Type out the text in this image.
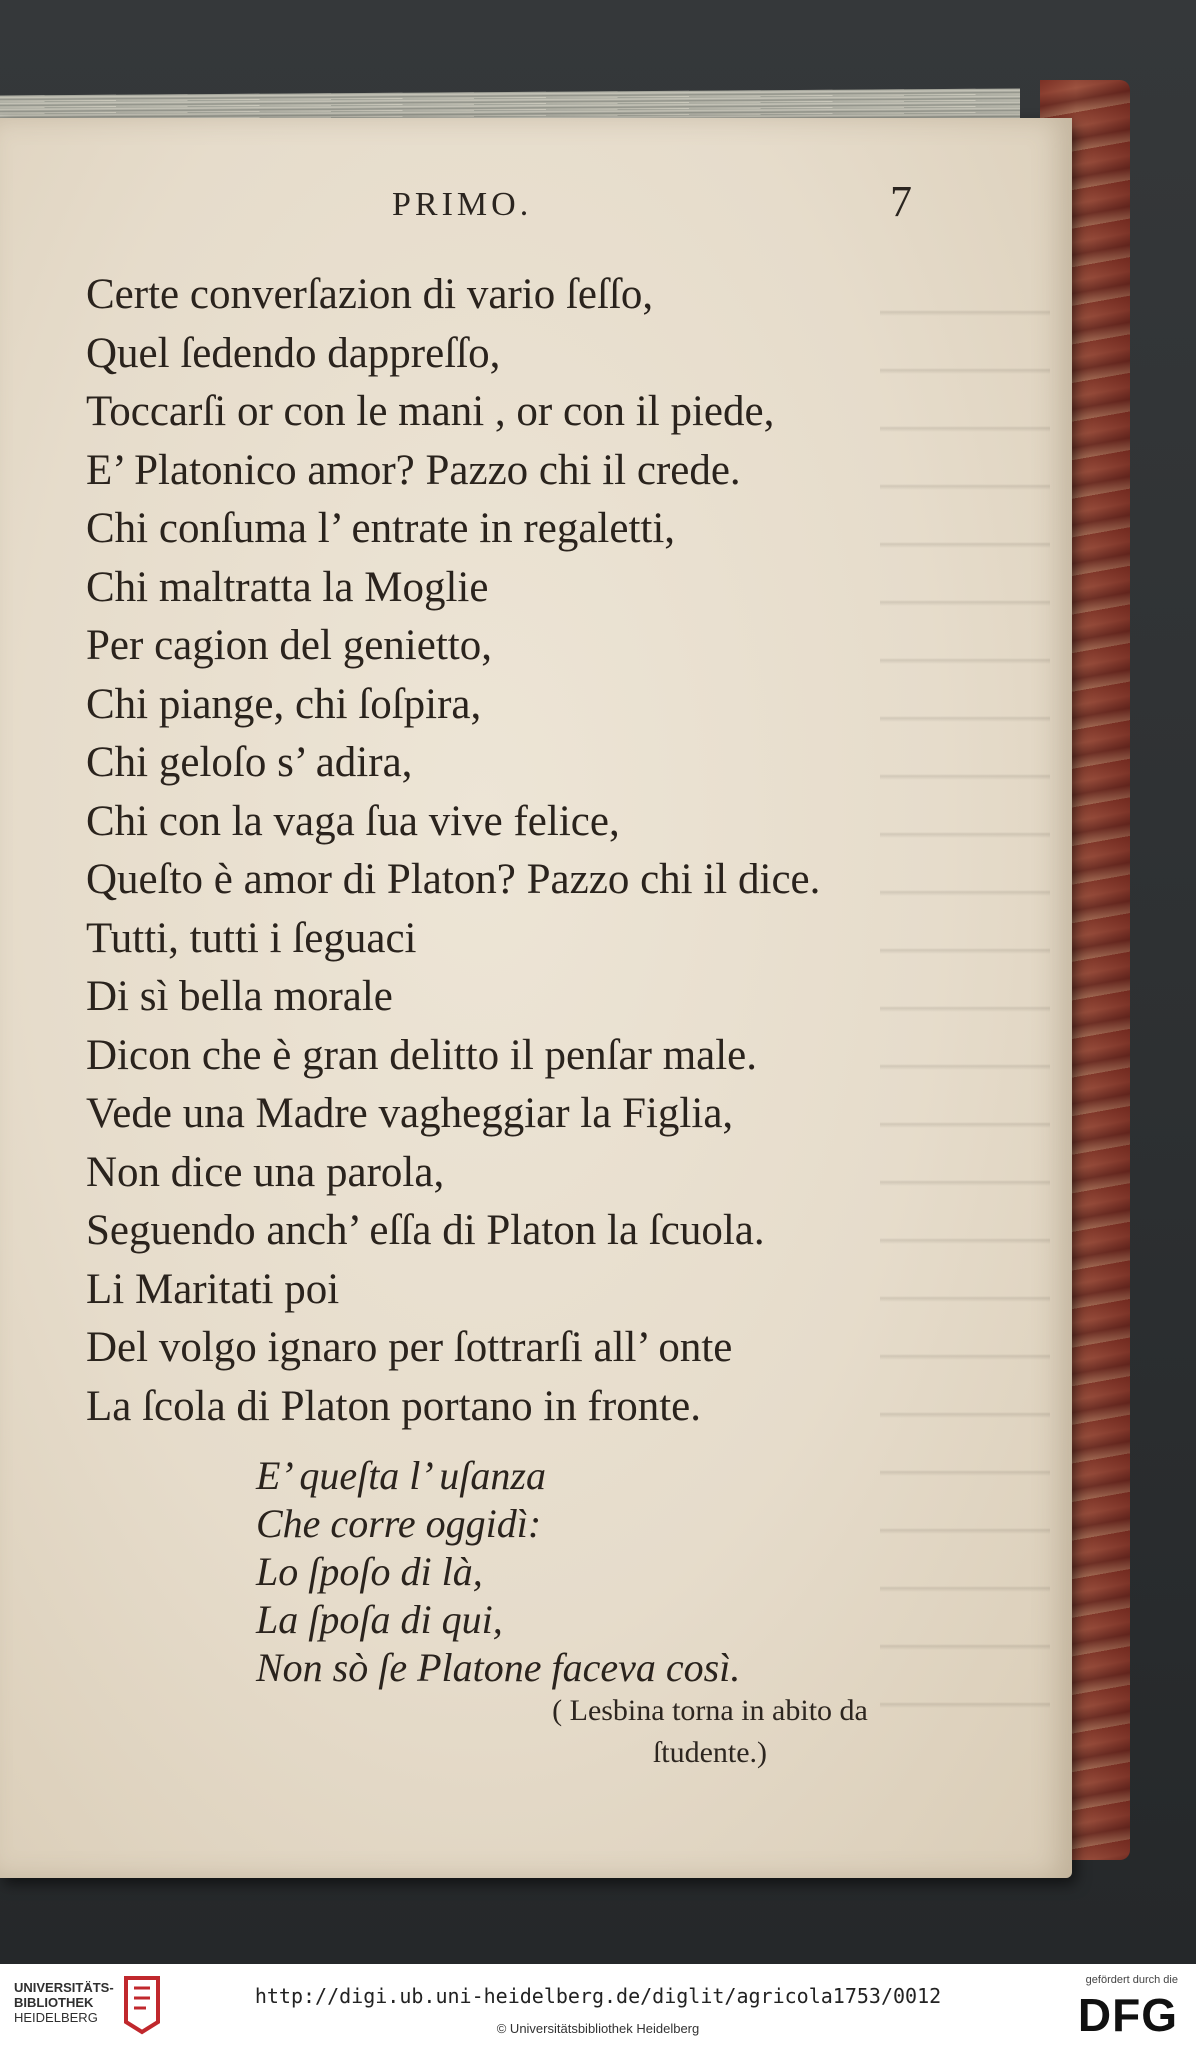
PRIMO.	7
Certe converſazion di vario ſeſſo,
Quel ſedendo dappreſſo,
Toccarſi or con le mani , or con il piede,
E’ Platonico amor? Pazzo chi il crede.
Chi conſuma l’ entrate in regaletti,
Chi maltratta la Moglie
Per cagion del genietto,
Chi piange, chi ſoſpira,
Chi geloſo s’ adira,
Chi con la vaga ſua vive felice,
Queſto è amor di Platon? Pazzo chi il dice.
Tutti, tutti i ſeguaci
Di sì bella morale
Dicon che è gran delitto il penſar male.
Vede una Madre vagheggiar la Figlia,
Non dice una parola,
Seguendo anch’ eſſa di Platon la ſcuola.
Li Maritati poi
Del volgo ignaro per ſottrarſi all’ onte
La ſcola di Platon portano in fronte.
E’ queſta l’ uſanza
Che corre oggidì:
Lo ſpoſo di là,
La ſpoſa di qui,
Non sò ſe Platone faceva così.
( Lesbina torna in abito da
ſtudente.)
UNIVERSITÄTS-
BIBLIOTHEK
HEIDELBERG
http://digi.ub.uni-heidelberg.de/diglit/agricola1753/0012
© Universitätsbibliothek Heidelberg
gefördert durch die
DFG
